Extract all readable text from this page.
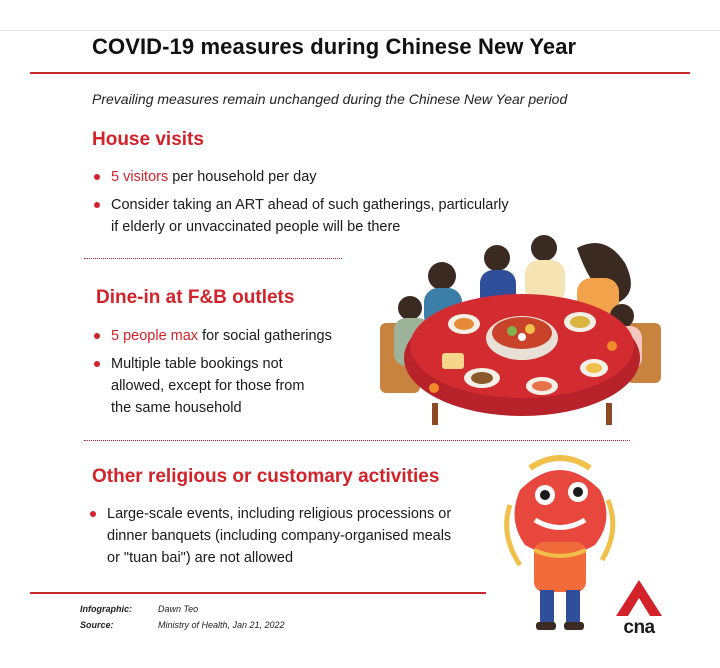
COVID-19 measures during Chinese New Year
Prevailing measures remain unchanged during the Chinese New Year period
House visits
5 visitors per household per day
Consider taking an ART ahead of such gatherings, particularly
if elderly or unvaccinated people will be there
Dine-in at F&B outlets
5 people max for social gatherings
Multiple table bookings not
allowed, except for those from
the same household
Other religious or customary activities
Large-scale events, including religious processions or
dinner banquets (including company-organised meals
or "tuan bai") are not allowed
Infographic:	Dawn Teo
Source:	Ministry of Health, Jan 21, 2022	cna
